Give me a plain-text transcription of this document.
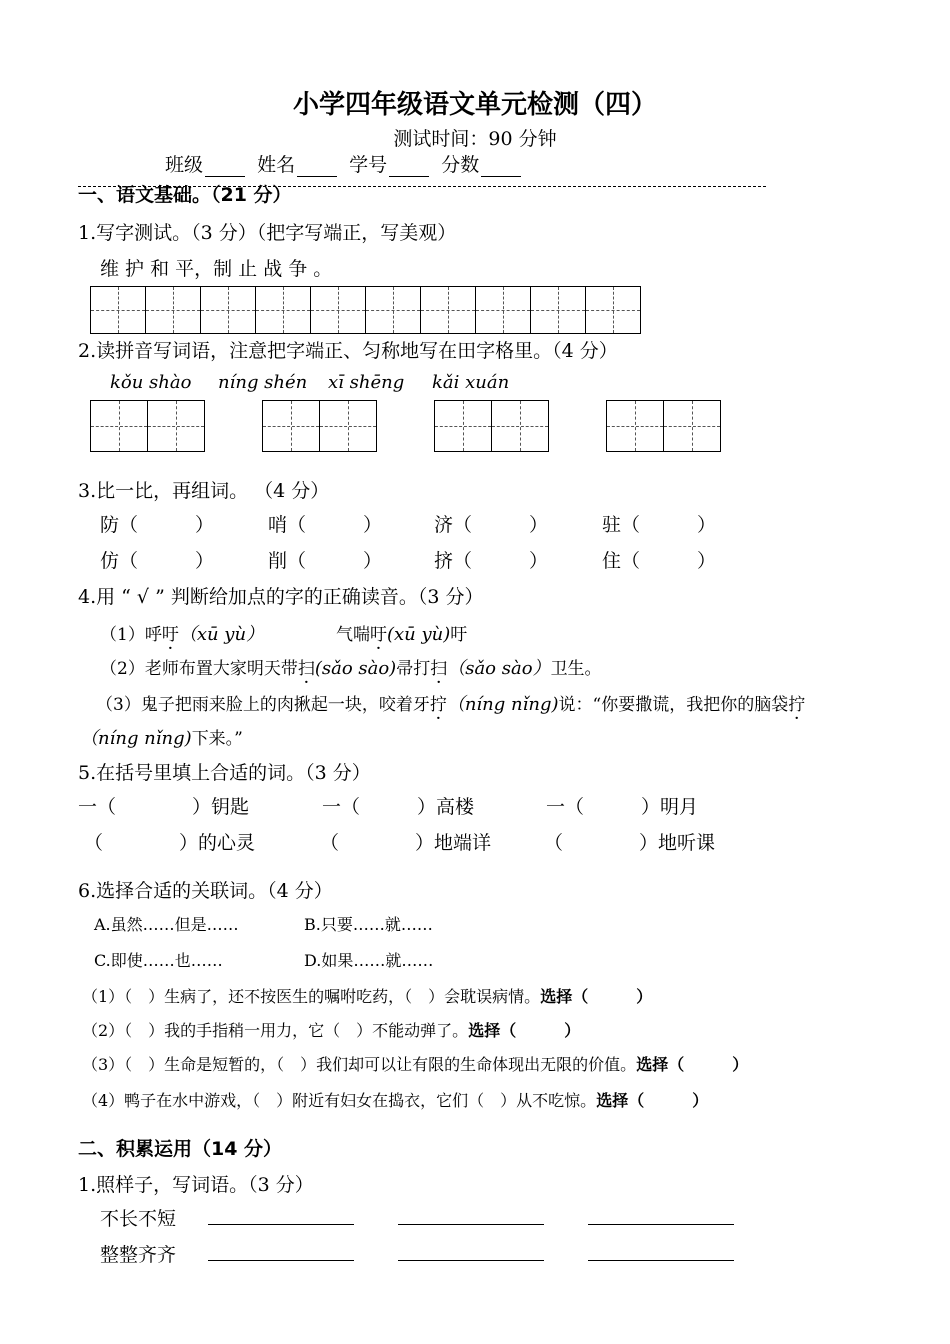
小学四年级语文单元检测（四）
测试时间：90 分钟
班级	姓名	学号	分数
一、语文基础。（21 分）
1.写字测试。（3 分）（把字写端正，写美观）
维 护 和 平，制 止 战 争 。
2.读拼音写词语，注意把字端正、匀称地写在田字格里。（4 分）
kǒu shào níng shén xī shēng kǎi xuán
3.比一比，再组词。 （4 分）
防（　　　）	哨（　　　）	济（　　　）	驻（　　　）
仿（　　　）	削（　　　）	挤（　　　）	住（　　　）
4.用 “ √ ” 判断给加点的字的正确读音。（3 分）
（1）呼吁（xū yù）	气喘吁(xū yù)吁
（2）老师布置大家明天带扫(sǎo sào)帚打扫（sǎo sào）卫生。
（3）鬼子把雨来脸上的肉揪起一块，咬着牙拧（níng nǐng)说：“你要撒谎，我把你的脑袋拧
（níng nǐng)下来。”
5.在括号里填上合适的词。（3 分）
一（　　　　）钥匙	一（　　　）高楼	一（　　　）明月
（　　　　）的心灵	（　　　　）地端详	（　　　　）地听课
6.选择合适的关联词。（4 分）
A.虽然……但是……	B.只要……就……
C.即使……也……	D.如果……就……
（1）（　）生病了，还不按医生的嘱咐吃药，（　）会耽误病情。选择（　　　）
（2）（　）我的手指稍一用力，它（　）不能动弹了。选择（　　　）
（3）（　）生命是短暂的，（　）我们却可以让有限的生命体现出无限的价值。选择（　　　）
（4）鸭子在水中游戏，（　）附近有妇女在捣衣，它们（　）从不吃惊。选择（　　　）
二、积累运用（14 分）
1.照样子，写词语。（3 分）
不长不短
整整齐齐
